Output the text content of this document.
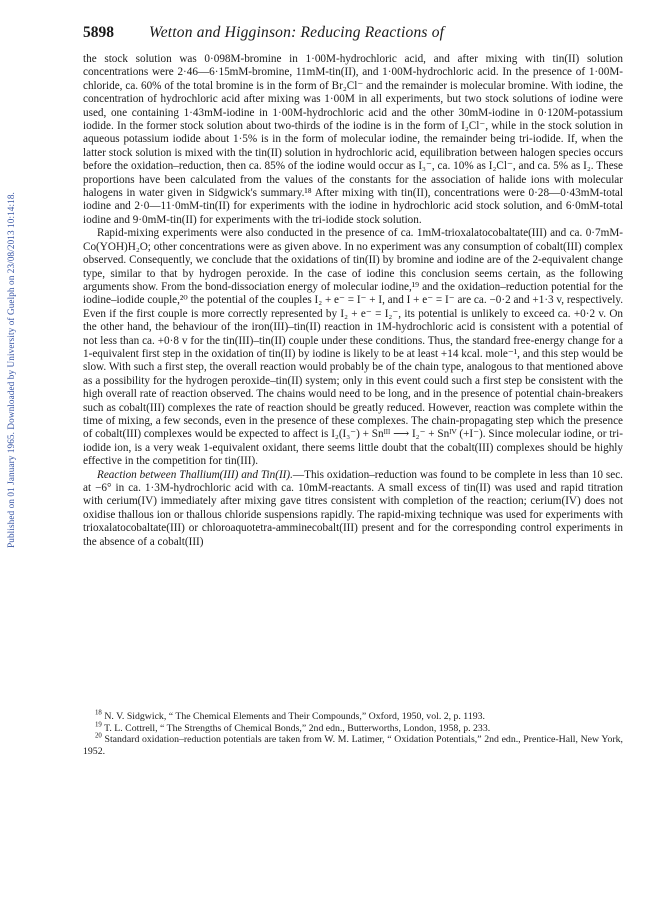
Published on 01 January 1965. Downloaded by University of Guelph on 23/08/2013 10:14:18.
5898	Wetton and Higginson: Reducing Reactions of

the stock solution was 0·098M-bromine in 1·00M-hydrochloric acid, and after mixing with tin(II) solution concentrations were 2·46—6·15mM-bromine, 11mM-tin(II), and 1·00M-hydrochloric acid. In the presence of 1·00M-chloride, ca. 60% of the total bromine is in the form of Br₂Cl⁻ and the remainder is molecular bromine. With iodine, the concentration of hydrochloric acid after mixing was 1·00M in all experiments, but two stock solutions of iodine were used, one containing 1·43mM-iodine in 1·00M-hydrochloric acid and the other 30mM-iodine in 0·120M-potassium iodide. In the former stock solution about two-thirds of the iodine is in the form of I₂Cl⁻, while in the stock solution in aqueous potassium iodide about 1·5% is in the form of molecular iodine, the remainder being tri-iodide. If, when the latter stock solution is mixed with the tin(II) solution in hydrochloric acid, equilibration between halogen species occurs before the oxidation–reduction, then ca. 85% of the iodine would occur as I₃⁻, ca. 10% as I₂Cl⁻, and ca. 5% as I₂. These proportions have been calculated from the values of the constants for the association of halide ions with molecular halogens in water given in Sidgwick's summary.¹⁸ After mixing with tin(II), concentrations were 0·28—0·43mM-total iodine and 2·0—11·0mM-tin(II) for experiments with the iodine in hydrochloric acid stock solution, and 6·0mM-total iodine and 9·0mM-tin(II) for experiments with the tri-iodide stock solution.

Rapid-mixing experiments were also conducted in the presence of ca. 1mM-trioxalatocobaltate(III) and ca. 0·7mM-Co(YOH)H₂O; other concentrations were as given above. In no experiment was any consumption of cobalt(III) complex observed. Consequently, we conclude that the oxidations of tin(II) by bromine and iodine are of the 2-equivalent change type, similar to that by hydrogen peroxide. In the case of iodine this conclusion seems certain, as the following arguments show. From the bond-dissociation energy of molecular iodine,¹⁹ and the oxidation–reduction potential for the iodine–iodide couple,²⁰ the potential of the couples I₂ + e⁻ = I⁻ + I, and I + e⁻ = I⁻ are ca. −0·2 and +1·3 v, respectively. Even if the first couple is more correctly represented by I₂ + e⁻ = I₂⁻, its potential is unlikely to exceed ca. +0·2 v. On the other hand, the behaviour of the iron(III)–tin(II) reaction in 1M-hydrochloric acid is consistent with a potential of not less than ca. +0·8 v for the tin(III)–tin(II) couple under these conditions. Thus, the standard free-energy change for a 1-equivalent first step in the oxidation of tin(II) by iodine is likely to be at least +14 kcal. mole⁻¹, and this step would be slow. With such a first step, the overall reaction would probably be of the chain type, analogous to that mentioned above as a possibility for the hydrogen peroxide–tin(II) system; only in this event could such a first step be consistent with the high overall rate of reaction observed. The chains would need to be long, and in the presence of potential chain-breakers such as cobalt(III) complexes the rate of reaction should be greatly reduced. However, reaction was complete within the time of mixing, a few seconds, even in the presence of these complexes. The chain-propagating step which the presence of cobalt(III) complexes would be expected to affect is I₂(I₃⁻) + Snᴵᴵᴵ ⟶ I₂⁻ + Snᴵⱽ (+I⁻). Since molecular iodine, or tri-iodide ion, is a very weak 1-equivalent oxidant, there seems little doubt that the cobalt(III) complexes should be highly effective in the competition for tin(III).

Reaction between Thallium(III) and Tin(II).—This oxidation–reduction was found to be complete in less than 10 sec. at −6° in ca. 1·3M-hydrochloric acid with ca. 10mM-reactants. A small excess of tin(II) was used and rapid titration with cerium(IV) immediately after mixing gave titres consistent with completion of the reaction; cerium(IV) does not oxidise thallous ion or thallous chloride suspensions rapidly. The rapid-mixing technique was used for experiments with trioxalatocobaltate(III) or chloroaquotetra-amminecobalt(III) present and for the corresponding control experiments in the absence of a cobalt(III)

$^{18}$ N. V. Sidgwick, “ The Chemical Elements and Their Compounds,” Oxford, 1950, vol. 2, p. 1193.

$^{19}$ T. L. Cottrell, “ The Strengths of Chemical Bonds,” 2nd edn., Butterworths, London, 1958, p. 233.

$^{20}$ Standard oxidation–reduction potentials are taken from W. M. Latimer, “ Oxidation Potentials,” 2nd edn., Prentice-Hall, New York, 1952.
